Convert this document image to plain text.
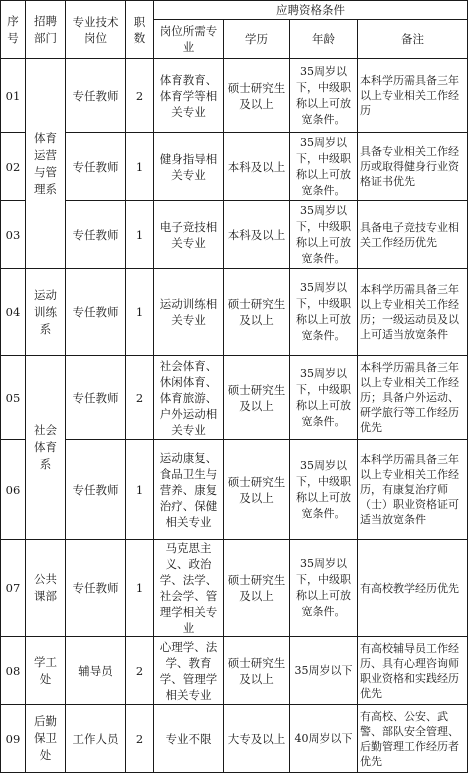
序号	招聘部门	专业技术岗位	职数	应聘资格条件			
				岗位所需专业	学历	年龄	备注
01	体育运营与管理系	专任教师	2	体育教育、体育学等相关专业	硕士研究生及以上	35周岁以下，中级职称以上可放宽条件。	本科学历需具备三年以上专业相关工作经历
02		专任教师	1	健身指导相关专业	本科及以上	35周岁以下，中级职称以上可放宽条件。	具备专业相关工作经历或取得健身行业资格证书优先
03		专任教师	1	电子竞技相关专业	本科及以上	35周岁以下，中级职称以上可放宽条件。	具备电子竞技专业相关工作经历优先
04	运动训练系	专任教师	1	运动训练相关专业	硕士研究生及以上	35周岁以下，中级职称以上可放宽条件。	本科学历需具备三年以上专业相关工作经历；一级运动员及以上可适当放宽条件
05	社会体育系	专任教师	2	社会体育、休闲体育、体育旅游、户外运动相关专业	硕士研究生及以上	35周岁以下，中级职称以上可放宽条件。	本科学历需具备三年以上专业相关工作经历；具备户外运动、研学旅行等工作经历优先
06		专任教师	1	运动康复、食品卫生与营养、康复治疗、保健相关专业	硕士研究生及以上	35周岁以下，中级职称以上可放宽条件。	本科学历需具备三年以上专业相关工作经历，有康复治疗师（士）职业资格证可适当放宽条件
07	公共课部	专任教师	1	马克思主义、政治学、法学、社会学、管理学相关专业	硕士研究生及以上	35周岁以下，中级职称以上可放宽条件。	有高校教学经历优先
08	学工处	辅导员	2	心理学、法学、教育学、管理学相关专业	硕士研究生及以上	35周岁以下	有高校辅导员工作经历、具有心理咨询师职业资格和实践经历优先
09	后勤保卫处	工作人员	2	专业不限	大专及以上	40周岁以下	有高校、公安、武警、部队安全管理、后勤管理工作经历者优先
